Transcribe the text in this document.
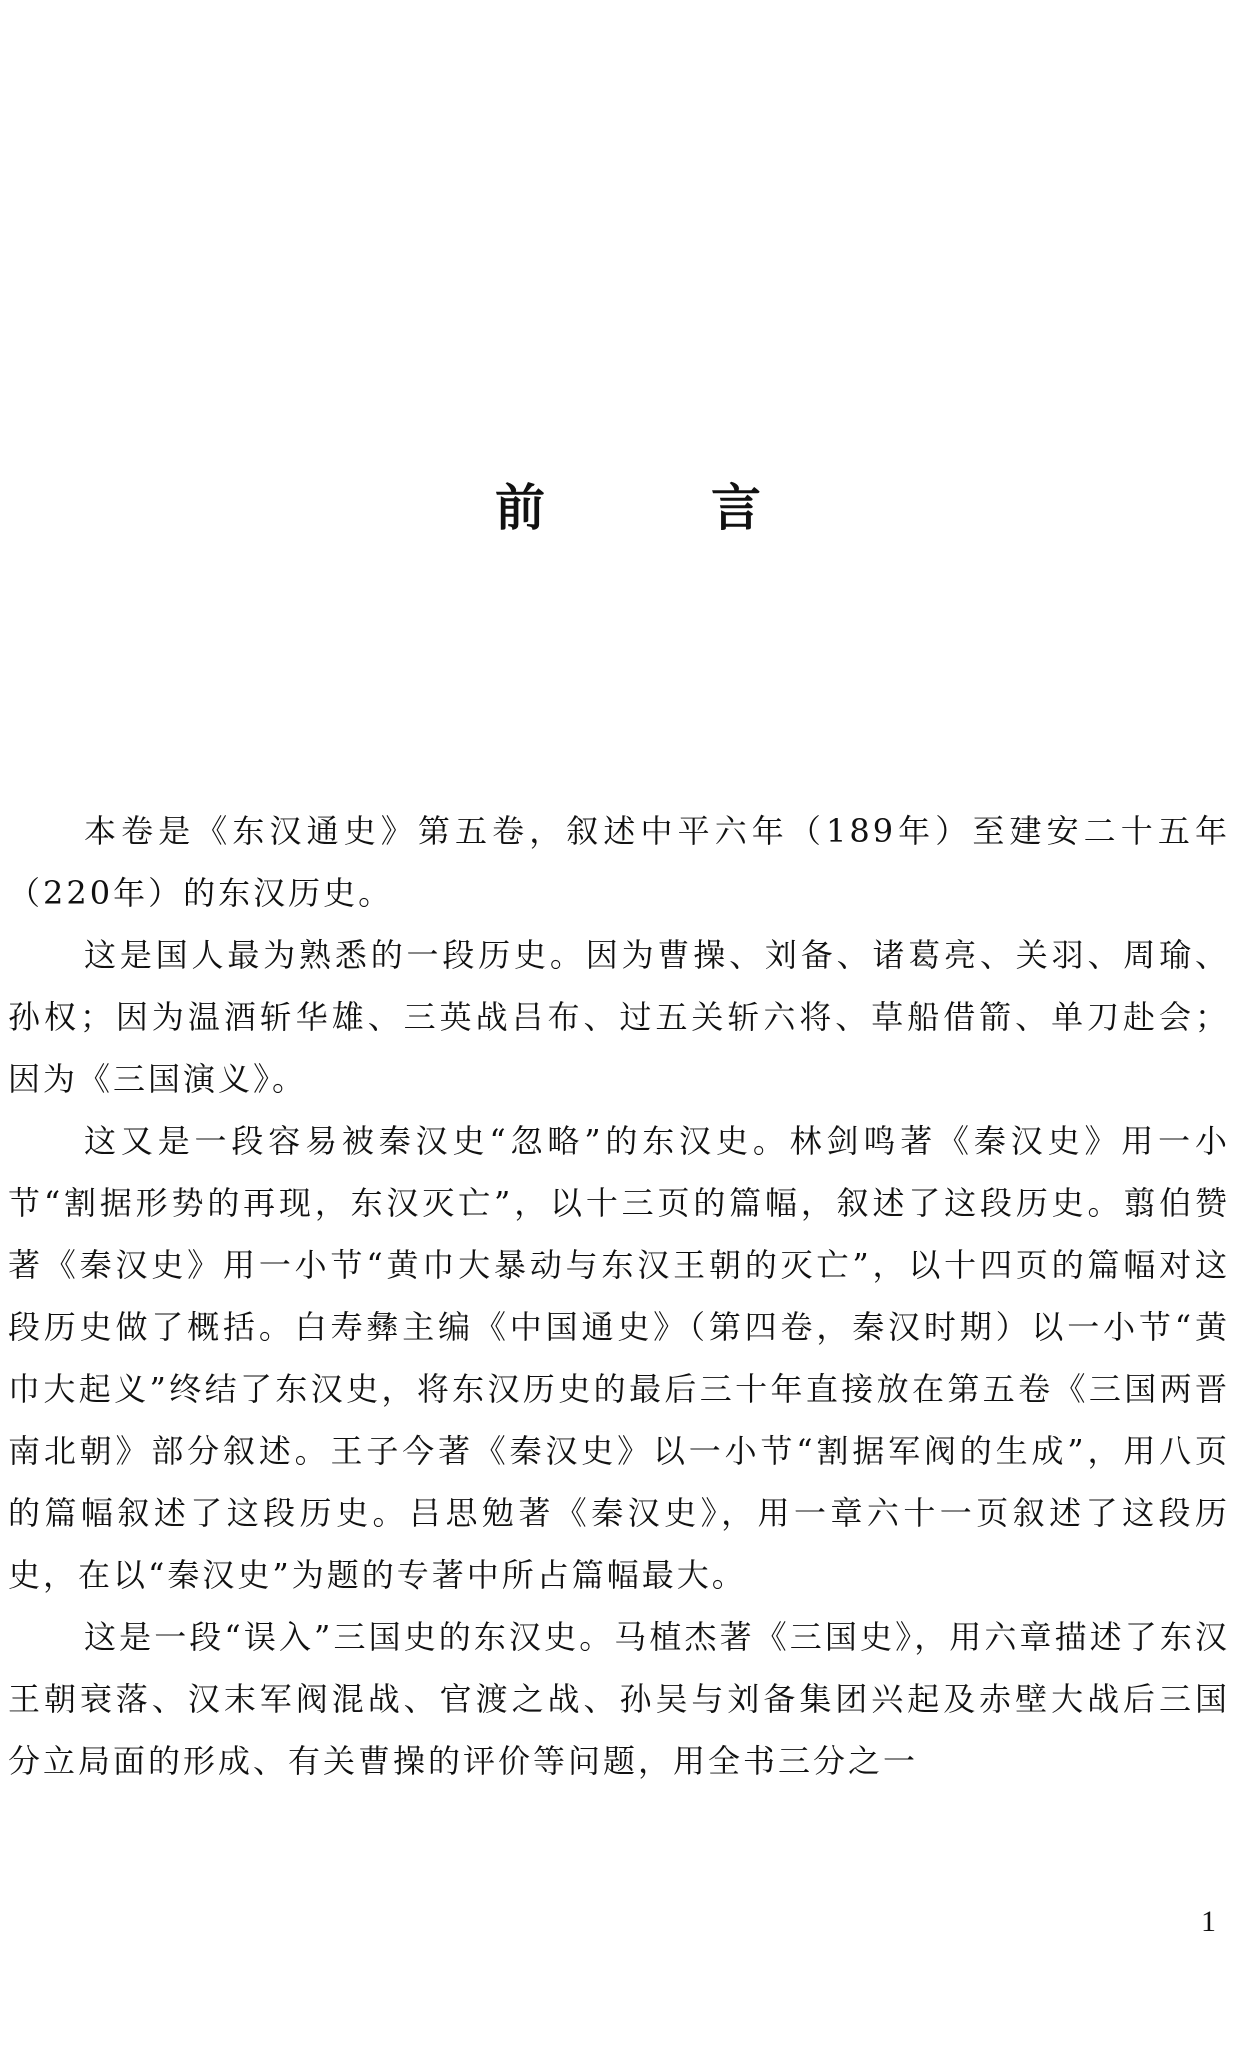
前　言

本卷是《东汉通史》第五卷，叙述中平六年（189年）至建安二十五年（220年）的东汉历史。

这是国人最为熟悉的一段历史。因为曹操、刘备、诸葛亮、关羽、周瑜、孙权；因为温酒斩华雄、三英战吕布、过五关斩六将、草船借箭、单刀赴会；因为《三国演义》。

这又是一段容易被秦汉史“忽略”的东汉史。林剑鸣著《秦汉史》用一小节“割据形势的再现，东汉灭亡”，以十三页的篇幅，叙述了这段历史。翦伯赞著《秦汉史》用一小节“黄巾大暴动与东汉王朝的灭亡”，以十四页的篇幅对这段历史做了概括。白寿彝主编《中国通史》（第四卷，秦汉时期）以一小节“黄巾大起义”终结了东汉史，将东汉历史的最后三十年直接放在第五卷《三国两晋南北朝》部分叙述。王子今著《秦汉史》以一小节“割据军阀的生成”，用八页的篇幅叙述了这段历史。吕思勉著《秦汉史》，用一章六十一页叙述了这段历史，在以“秦汉史”为题的专著中所占篇幅最大。

这是一段“误入”三国史的东汉史。马植杰著《三国史》，用六章描述了东汉王朝衰落、汉末军阀混战、官渡之战、孙吴与刘备集团兴起及赤壁大战后三国分立局面的形成、有关曹操的评价等问题，用全书三分之一

1
